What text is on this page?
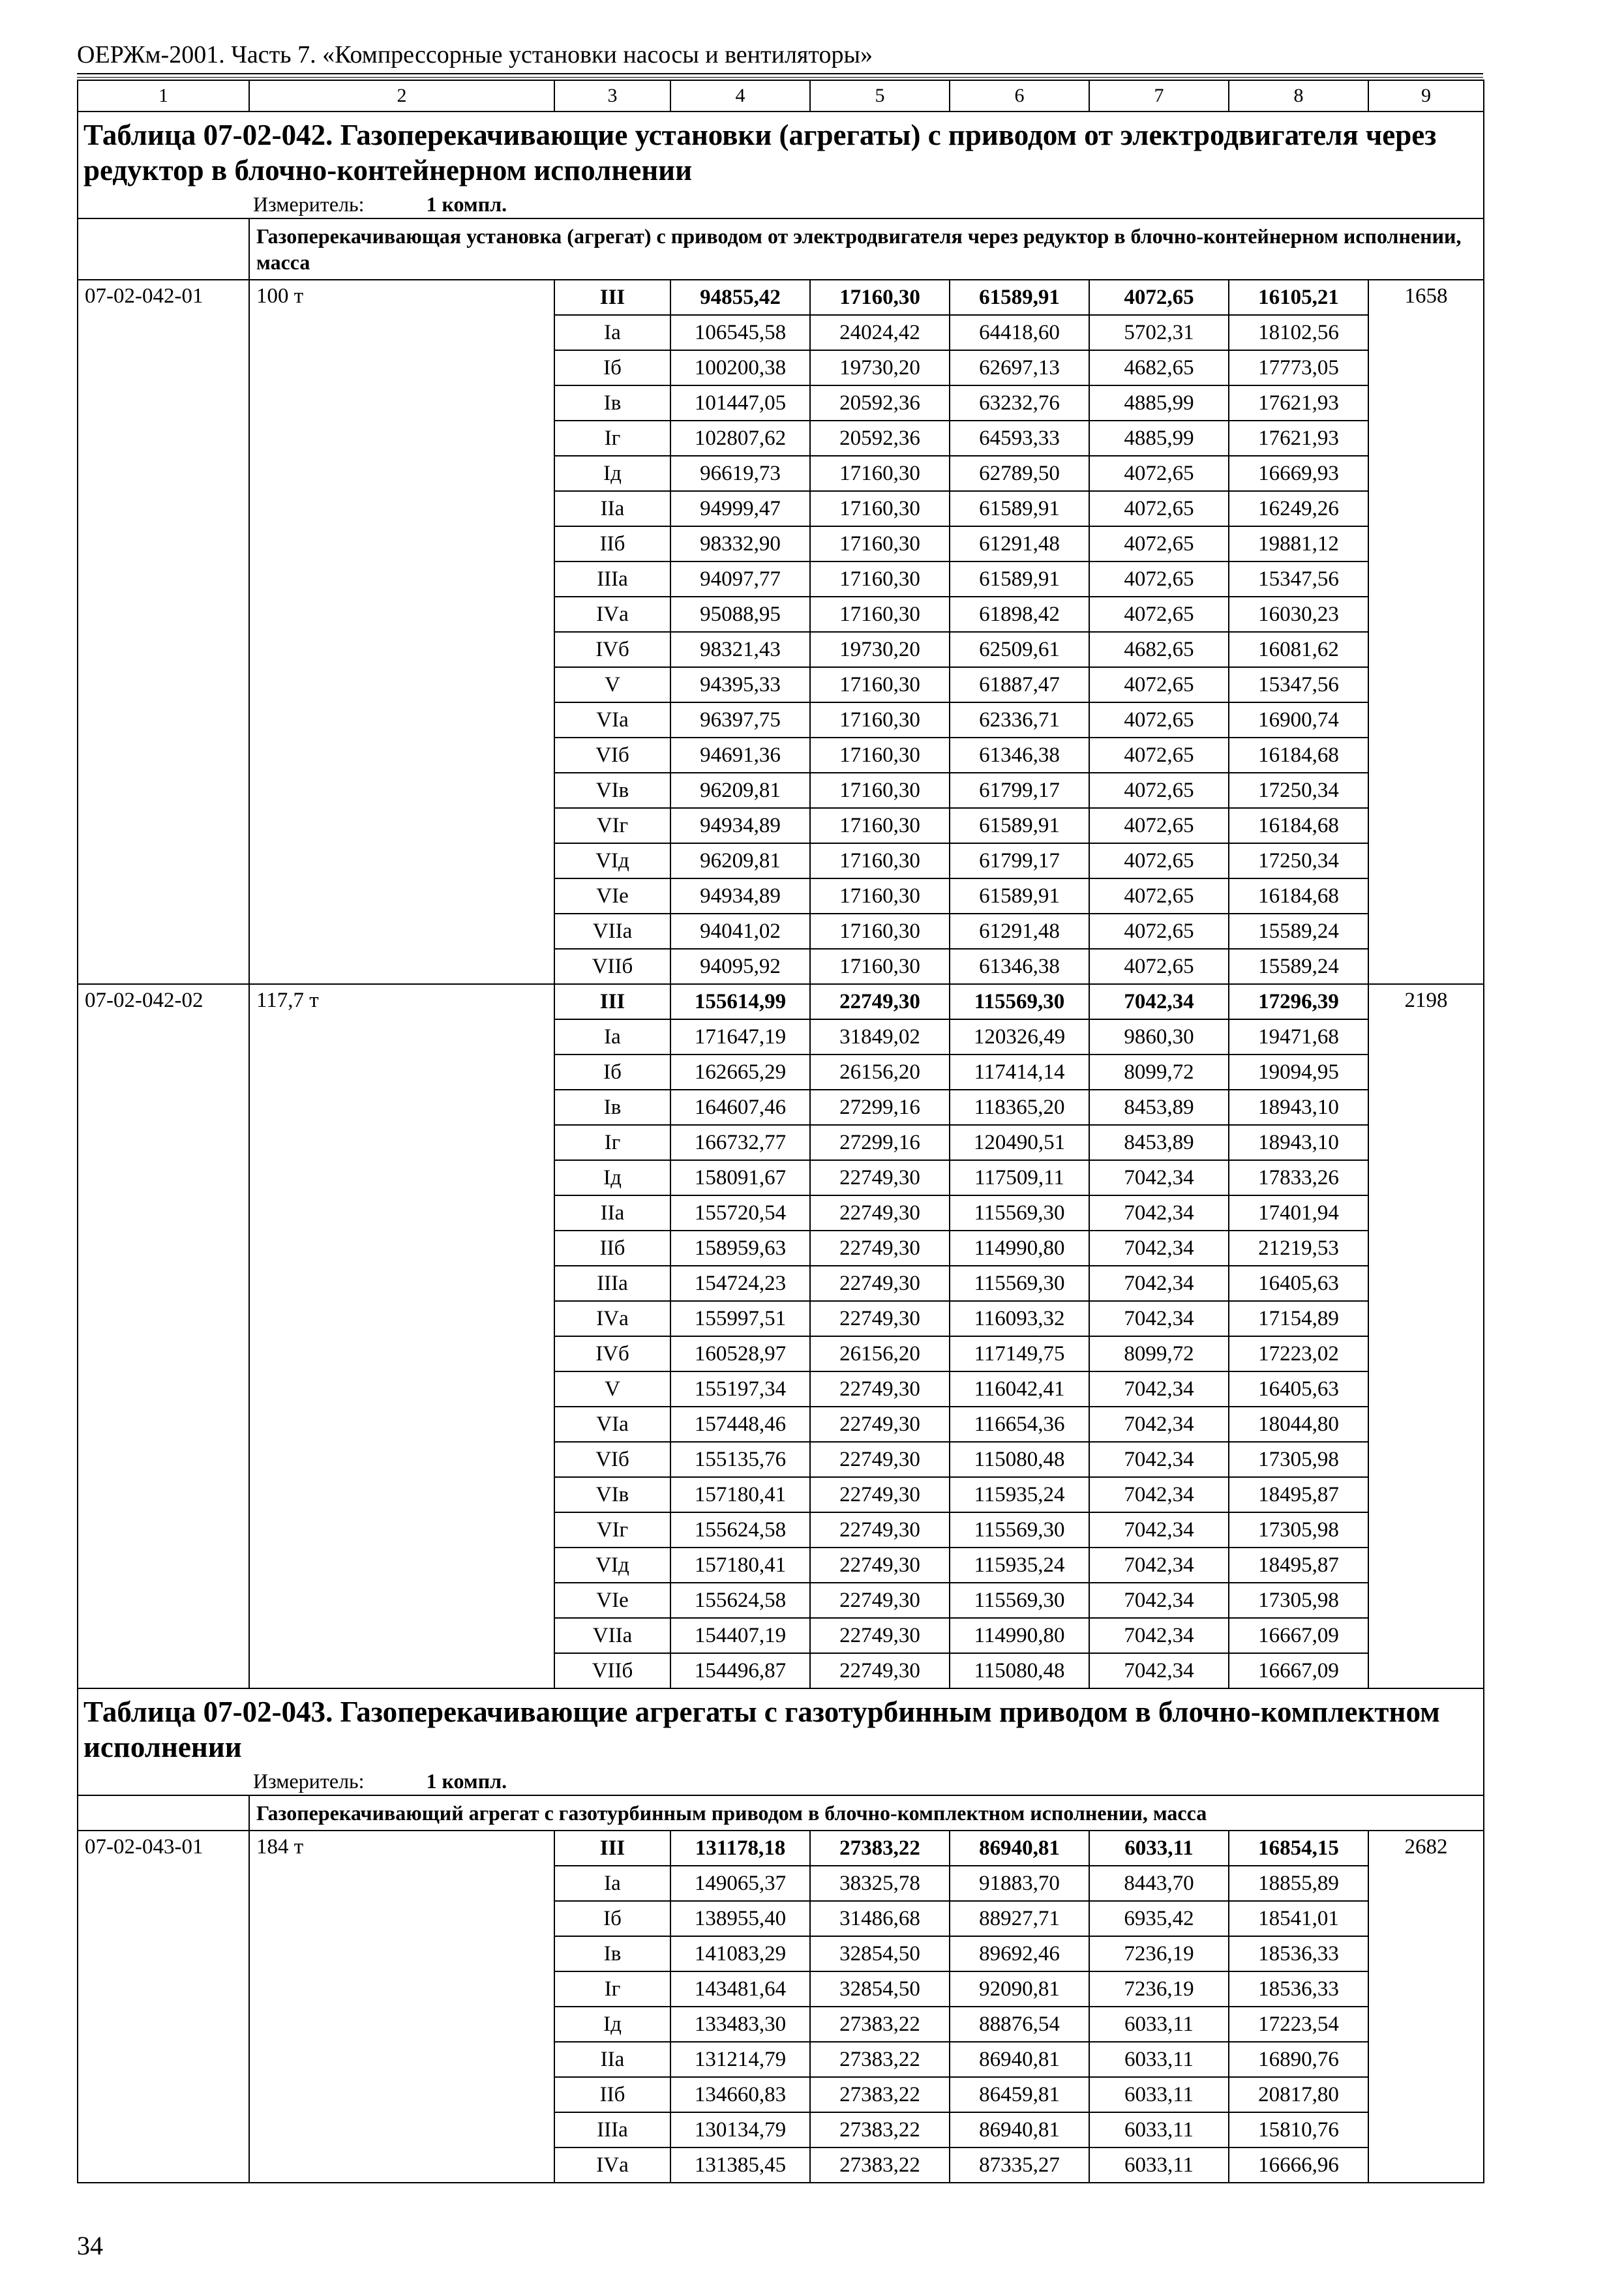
ОЕРЖм-2001. Часть 7. «Компрессорные установки насосы и вентиляторы»
1	2	3	4	5	6	7	8	9
Таблица 07-02-042. Газоперекачивающие установки (агрегаты) с приводом от электродвигателя через редуктор в блочно-контейнерном исполнении								
Измеритель: 1 компл.								
	Газоперекачивающая установка (агрегат) с приводом от электродвигателя через редуктор в блочно-контейнерном исполнении, масса							
07-02-042-01	100 т	III	94855,42	17160,30	61589,91	4072,65	16105,21	1658
		Iа	106545,58	24024,42	64418,60	5702,31	18102,56	
		Iб	100200,38	19730,20	62697,13	4682,65	17773,05	
		Iв	101447,05	20592,36	63232,76	4885,99	17621,93	
		Iг	102807,62	20592,36	64593,33	4885,99	17621,93	
		Iд	96619,73	17160,30	62789,50	4072,65	16669,93	
		IIа	94999,47	17160,30	61589,91	4072,65	16249,26	
		IIб	98332,90	17160,30	61291,48	4072,65	19881,12	
		IIIа	94097,77	17160,30	61589,91	4072,65	15347,56	
		IVа	95088,95	17160,30	61898,42	4072,65	16030,23	
		IVб	98321,43	19730,20	62509,61	4682,65	16081,62	
		V	94395,33	17160,30	61887,47	4072,65	15347,56	
		VIа	96397,75	17160,30	62336,71	4072,65	16900,74	
		VIб	94691,36	17160,30	61346,38	4072,65	16184,68	
		VIв	96209,81	17160,30	61799,17	4072,65	17250,34	
		VIг	94934,89	17160,30	61589,91	4072,65	16184,68	
		VIд	96209,81	17160,30	61799,17	4072,65	17250,34	
		VIе	94934,89	17160,30	61589,91	4072,65	16184,68	
		VIIа	94041,02	17160,30	61291,48	4072,65	15589,24	
		VIIб	94095,92	17160,30	61346,38	4072,65	15589,24	
07-02-042-02	117,7 т	III	155614,99	22749,30	115569,30	7042,34	17296,39	2198
		Iа	171647,19	31849,02	120326,49	9860,30	19471,68	
		Iб	162665,29	26156,20	117414,14	8099,72	19094,95	
		Iв	164607,46	27299,16	118365,20	8453,89	18943,10	
		Iг	166732,77	27299,16	120490,51	8453,89	18943,10	
		Iд	158091,67	22749,30	117509,11	7042,34	17833,26	
		IIа	155720,54	22749,30	115569,30	7042,34	17401,94	
		IIб	158959,63	22749,30	114990,80	7042,34	21219,53	
		IIIа	154724,23	22749,30	115569,30	7042,34	16405,63	
		IVа	155997,51	22749,30	116093,32	7042,34	17154,89	
		IVб	160528,97	26156,20	117149,75	8099,72	17223,02	
		V	155197,34	22749,30	116042,41	7042,34	16405,63	
		VIа	157448,46	22749,30	116654,36	7042,34	18044,80	
		VIб	155135,76	22749,30	115080,48	7042,34	17305,98	
		VIв	157180,41	22749,30	115935,24	7042,34	18495,87	
		VIг	155624,58	22749,30	115569,30	7042,34	17305,98	
		VIд	157180,41	22749,30	115935,24	7042,34	18495,87	
		VIе	155624,58	22749,30	115569,30	7042,34	17305,98	
		VIIа	154407,19	22749,30	114990,80	7042,34	16667,09	
		VIIб	154496,87	22749,30	115080,48	7042,34	16667,09	
Таблица 07-02-043. Газоперекачивающие агрегаты с газотурбинным приводом в блочно-комплектном исполнении								
Измеритель: 1 компл.								
	Газоперекачивающий агрегат с газотурбинным приводом в блочно-комплектном исполнении, масса							
07-02-043-01	184 т	III	131178,18	27383,22	86940,81	6033,11	16854,15	2682
		Iа	149065,37	38325,78	91883,70	8443,70	18855,89	
		Iб	138955,40	31486,68	88927,71	6935,42	18541,01	
		Iв	141083,29	32854,50	89692,46	7236,19	18536,33	
		Iг	143481,64	32854,50	92090,81	7236,19	18536,33	
		Iд	133483,30	27383,22	88876,54	6033,11	17223,54	
		IIа	131214,79	27383,22	86940,81	6033,11	16890,76	
		IIб	134660,83	27383,22	86459,81	6033,11	20817,80	
		IIIа	130134,79	27383,22	86940,81	6033,11	15810,76	
		IVа	131385,45	27383,22	87335,27	6033,11	16666,96	
34
